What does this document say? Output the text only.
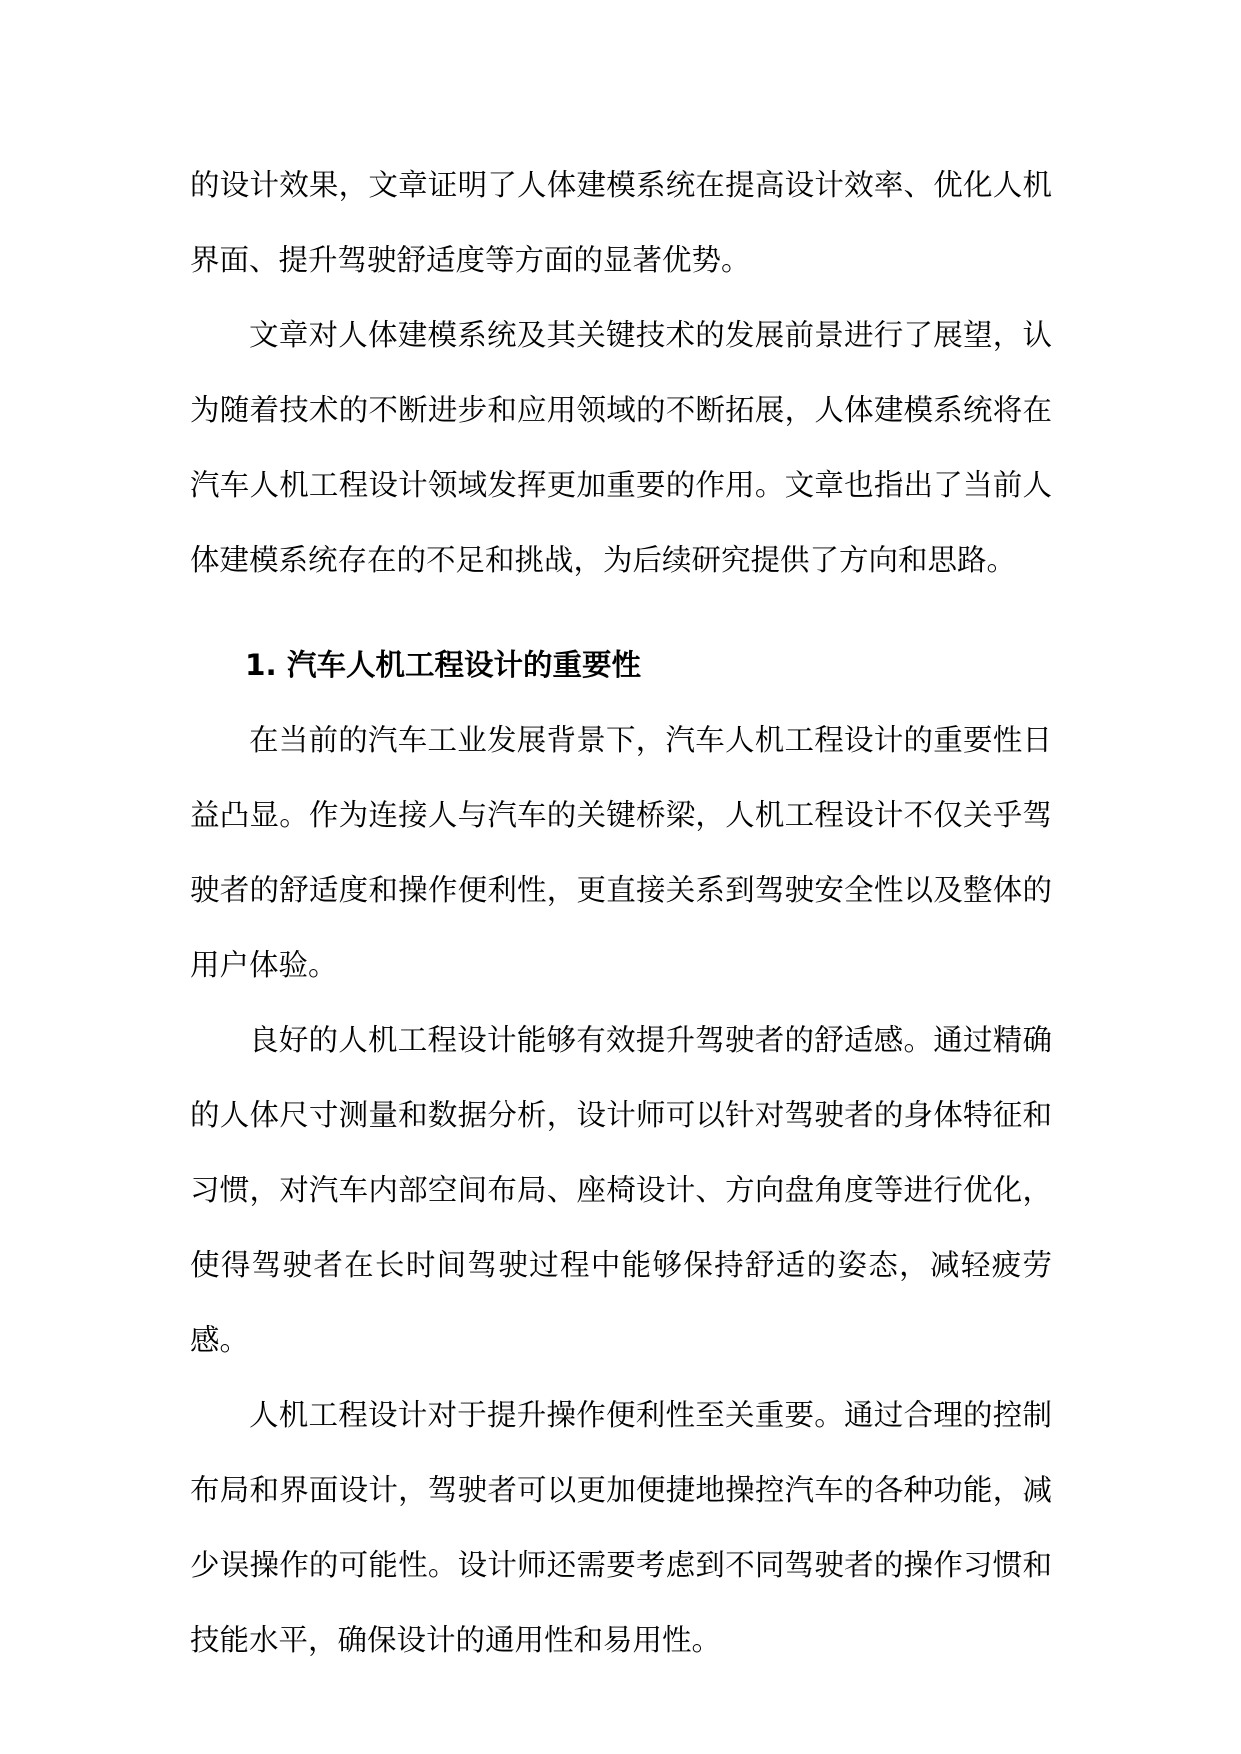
的设计效果，文章证明了人体建模系统在提高设计效率、优化人机界面、提升驾驶舒适度等方面的显著优势。

文章对人体建模系统及其关键技术的发展前景进行了展望，认为随着技术的不断进步和应用领域的不断拓展，人体建模系统将在汽车人机工程设计领域发挥更加重要的作用。文章也指出了当前人体建模系统存在的不足和挑战，为后续研究提供了方向和思路。

1. 汽车人机工程设计的重要性

在当前的汽车工业发展背景下，汽车人机工程设计的重要性日益凸显。作为连接人与汽车的关键桥梁，人机工程设计不仅关乎驾驶者的舒适度和操作便利性，更直接关系到驾驶安全性以及整体的用户体验。

良好的人机工程设计能够有效提升驾驶者的舒适感。通过精确的人体尺寸测量和数据分析，设计师可以针对驾驶者的身体特征和习惯，对汽车内部空间布局、座椅设计、方向盘角度等进行优化，使得驾驶者在长时间驾驶过程中能够保持舒适的姿态，减轻疲劳感。

人机工程设计对于提升操作便利性至关重要。通过合理的控制布局和界面设计，驾驶者可以更加便捷地操控汽车的各种功能，减少误操作的可能性。设计师还需要考虑到不同驾驶者的操作习惯和技能水平，确保设计的通用性和易用性。
